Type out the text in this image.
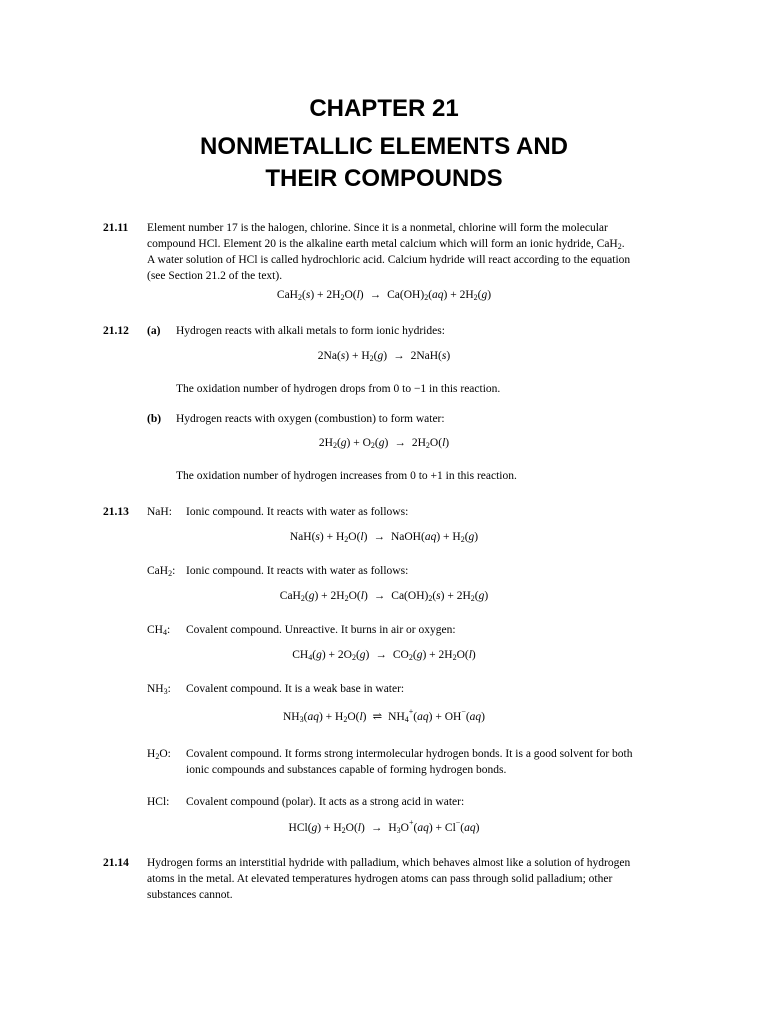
CHAPTER 21
NONMETALLIC ELEMENTS AND
THEIR COMPOUNDS
21.11 Element number 17 is the halogen, chlorine. Since it is a nonmetal, chlorine will form the molecular
compound HCl. Element 20 is the alkaline earth metal calcium which will form an ionic hydride, CaH$_2$.
A water solution of HCl is called hydrochloric acid. Calcium hydride will react according to the equation
(see Section 21.2 of the text).
$CaH_2(s) + 2H_2O(l) \to Ca(OH)_2(aq) + 2H_2(g)$
21.12 (a) Hydrogen reacts with alkali metals to form ionic hydrides:
$2Na(s) + H_2(g) \to 2NaH(s)$
The oxidation number of hydrogen drops from 0 to −1 in this reaction.
(b) Hydrogen reacts with oxygen (combustion) to form water:
$2H_2(g) + O_2(g) \to 2H_2O(l)$
The oxidation number of hydrogen increases from 0 to +1 in this reaction.
21.13 NaH: Ionic compound. It reacts with water as follows:
$NaH(s) + H_2O(l)$ → NaOH(aq) + $H_2(g)$
CaH$_2$: Ionic compound. It reacts with water as follows:
$CaH_2(g) + 2H_2O(l) \to Ca(OH)_2(s) + 2H_2(g)$
$CH_4$: Covalent compound. Unreactive. It burns in air or oxygen:
$CH_4(g) + 2O_2(g) \to CO_2(g) + 2H_2O(l)$
$NH_3$: Covalent compound. It is a weak base in water:
$NH_3(aq) + H_2O(l)$ ⇌ $NH_4^+(aq) + OH^-(aq)$
$H_2O$: Covalent compound. It forms strong intermolecular hydrogen bonds. It is a good solvent for both
ionic compounds and substances capable of forming hydrogen bonds.
HCl: Covalent compound (polar). It acts as a strong acid in water:
$HCl(g) + H_2O(l) \to H_3O^+(aq) + Cl^-(aq)$
21.14 Hydrogen forms an interstitial hydride with palladium, which behaves almost like a solution of hydrogen
atoms in the metal. At elevated temperatures hydrogen atoms can pass through solid palladium; other
substances cannot.
